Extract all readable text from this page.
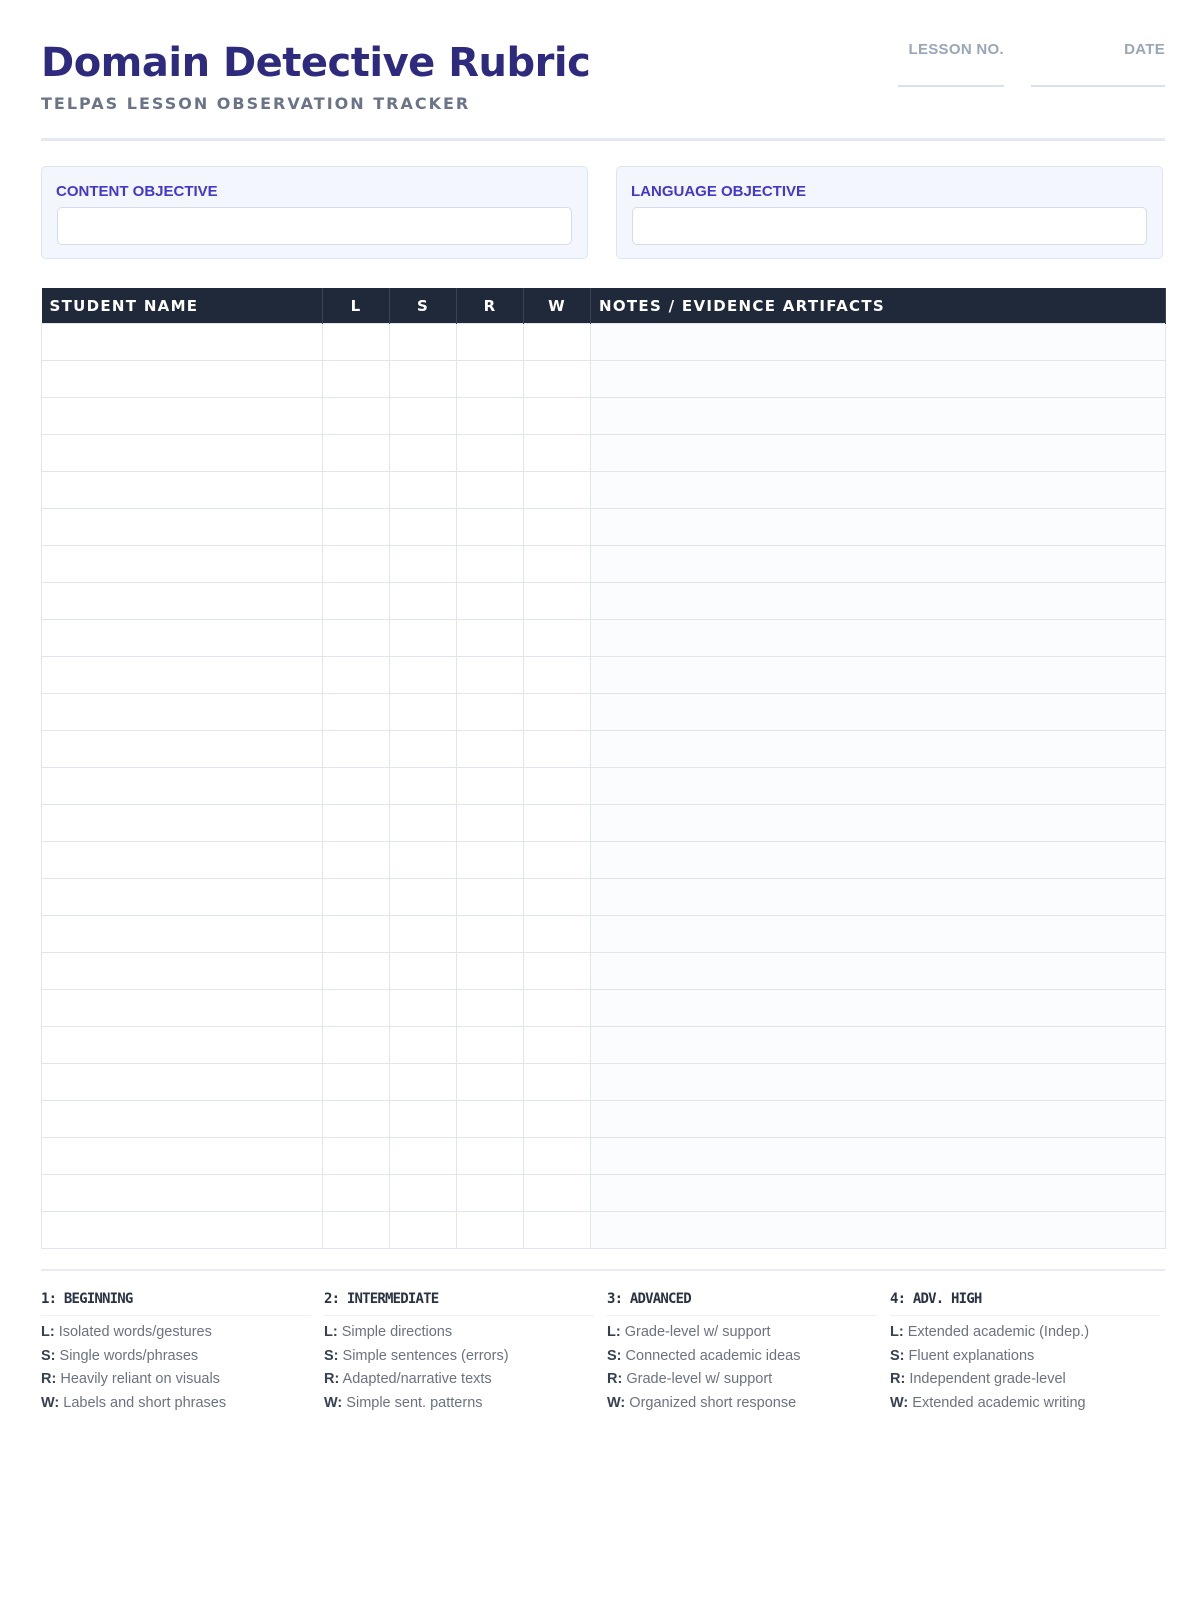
Domain Detective Rubric
TELPAS LESSON OBSERVATION TRACKER
LESSON NO.	DATE
CONTENT OBJECTIVE	LANGUAGE OBJECTIVE
STUDENT NAME	L	S	R	W	NOTES / EVIDENCE ARTIFACTS

1: BEGINNING
L: Isolated words/gestures
S: Single words/phrases
R: Heavily reliant on visuals
W: Labels and short phrases
2: INTERMEDIATE
L: Simple directions
S: Simple sentences (errors)
R: Adapted/narrative texts
W: Simple sent. patterns
3: ADVANCED
L: Grade-level w/ support
S: Connected academic ideas
R: Grade-level w/ support
W: Organized short response
4: ADV. HIGH
L: Extended academic (Indep.)
S: Fluent explanations
R: Independent grade-level
W: Extended academic writing
